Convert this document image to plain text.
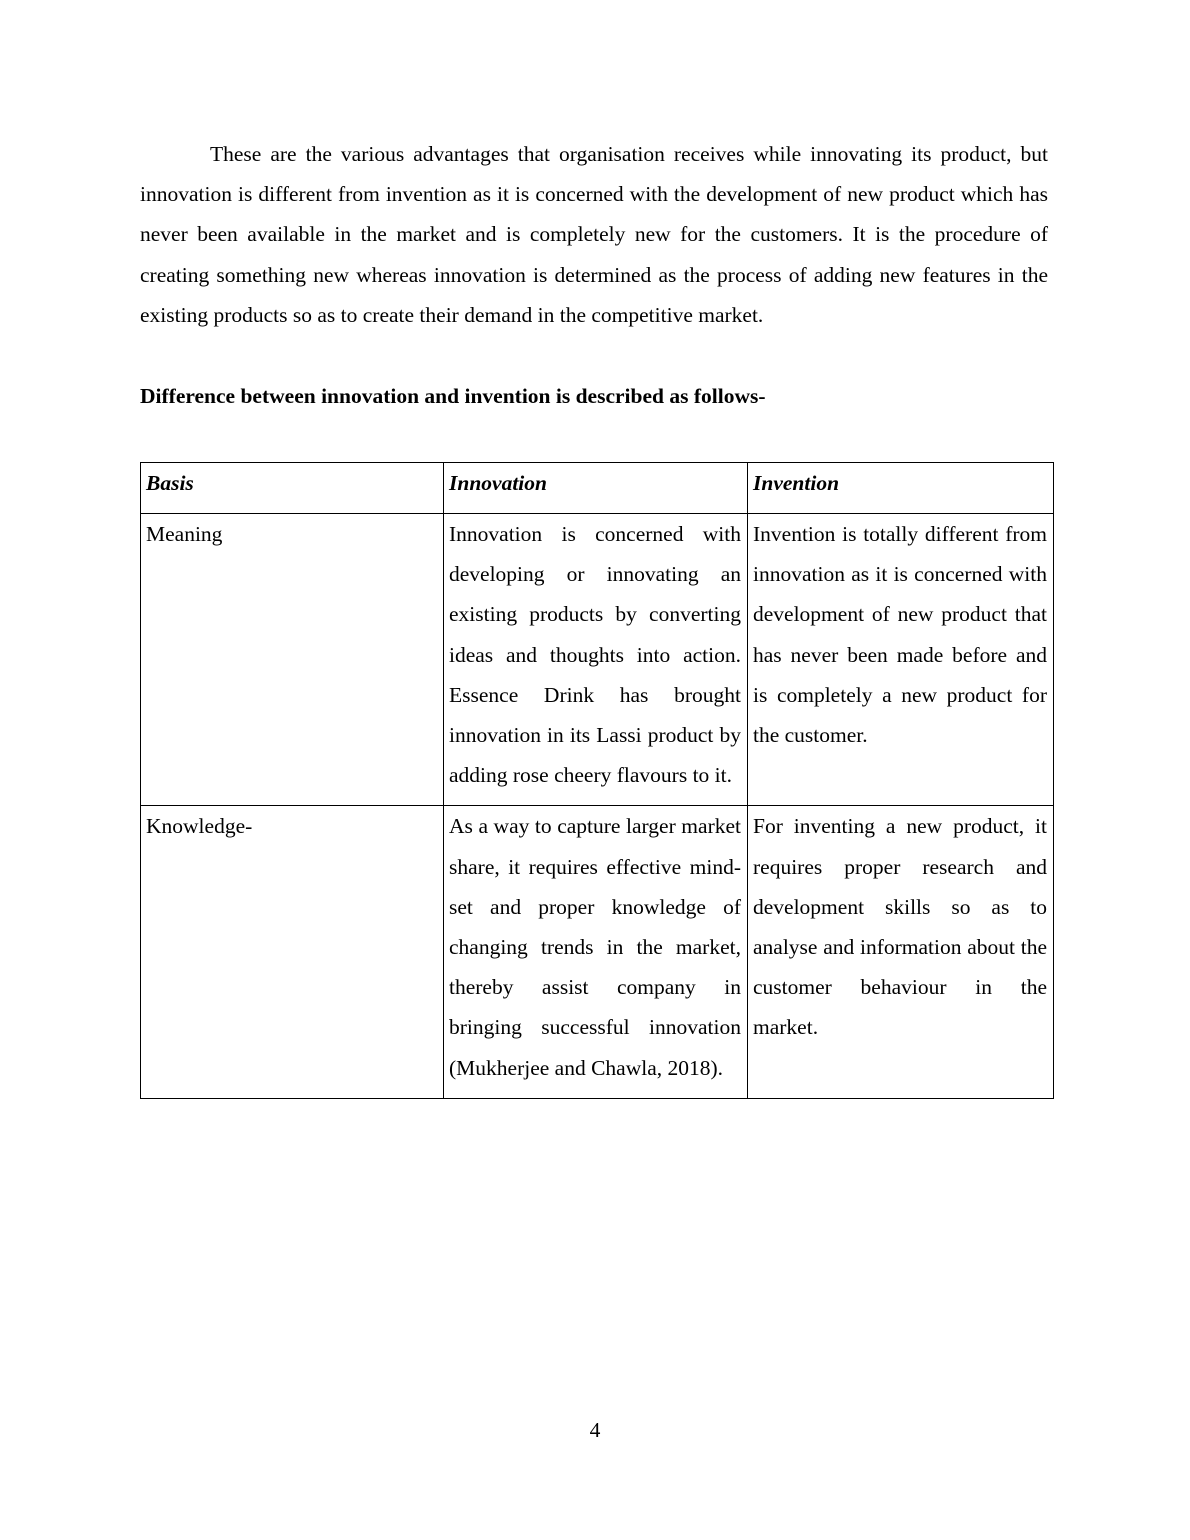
These are the various advantages that organisation receives while innovating its product, but innovation is different from invention as it is concerned with the development of new product which has never been available in the market and is completely new for the customers. It is the procedure of creating something new whereas innovation is determined as the process of adding new features in the existing products so as to create their demand in the competitive market.

Difference between innovation and invention is described as follows-

Basis	Innovation	Invention

Meaning	Innovation is concerned with developing or innovating an existing products by converting ideas and thoughts into action. Essence Drink has brought innovation in its Lassi product by adding rose cheery flavours to it.	Invention is totally different from innovation as it is concerned with development of new product that has never been made before and is completely a new product for the customer.

Knowledge-	As a way to capture larger market share, it requires effective mind-set and proper knowledge of changing trends in the market, thereby assist company in bringing successful innovation (Mukherjee and Chawla, 2018).	For inventing a new product, it requires proper research and development skills so as to analyse and information about the customer behaviour in the market.
4
